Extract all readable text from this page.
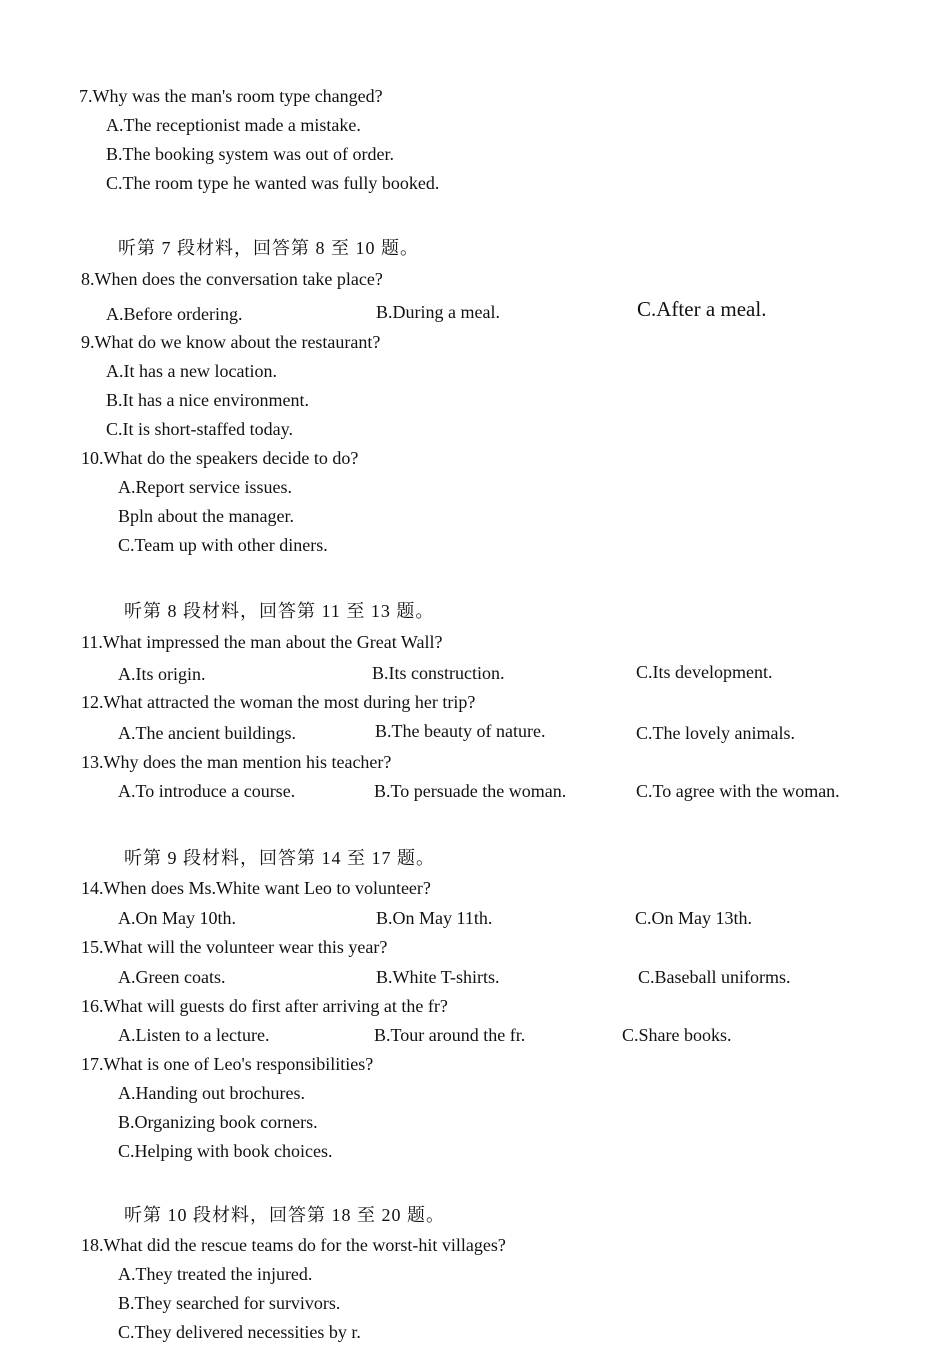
7.Why was the man's room type changed?
A.The receptionist made a mistake.
B.The booking system was out of order.
C.The room type he wanted was fully booked.
听第 7 段材料，回答第 8 至 10 题。
8.When does the conversation take place?
A.Before ordering.	B.During a meal.	C.After a meal.
9.What do we know about the restaurant?
A.It has a new location.
B.It has a nice environment.
C.It is short-staffed today.
10.What do the speakers decide to do?
A.Report service issues.
Bpln about the manager.
C.Team up with other diners.
听第 8 段材料，回答第 11 至 13 题。
11.What impressed the man about the Great Wall?
A.Its origin.	B.Its construction.	C.Its development.
12.What attracted the woman the most during her trip?
A.The ancient buildings.	B.The beauty of nature.	C.The lovely animals.
13.Why does the man mention his teacher?
A.To introduce a course.	B.To persuade the woman.	C.To agree with the woman.
听第 9 段材料，回答第 14 至 17 题。
14.When does Ms.White want Leo to volunteer?
A.On May 10th.	B.On May 11th.	C.On May 13th.
15.What will the volunteer wear this year?
A.Green coats.	B.White T-shirts.	C.Baseball uniforms.
16.What will guests do first after arriving at the fr?
A.Listen to a lecture.	B.Tour around the fr.	C.Share books.
17.What is one of Leo's responsibilities?
A.Handing out brochures.
B.Organizing book corners.
C.Helping with book choices.
听第 10 段材料，回答第 18 至 20 题。
18.What did the rescue teams do for the worst-hit villages?
A.They treated the injured.
B.They searched for survivors.
C.They delivered necessities by r.
